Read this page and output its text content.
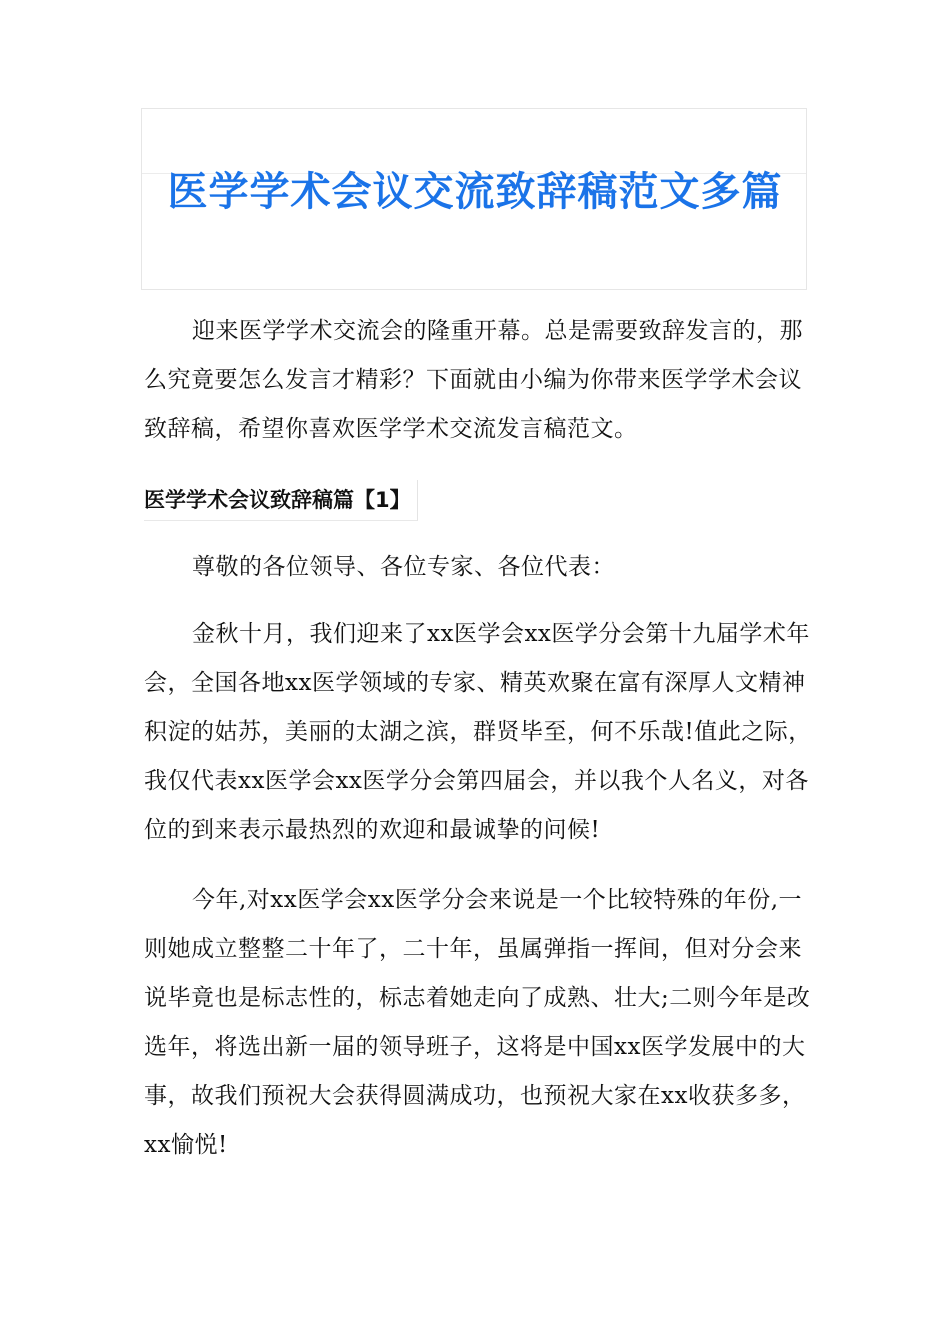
医学学术会议交流致辞稿范文多篇

迎来医学学术交流会的隆重开幕。总是需要致辞发言的，那么究竟要怎么发言才精彩？下面就由小编为你带来医学学术会议致辞稿，希望你喜欢医学学术交流发言稿范文。

医学学术会议致辞稿篇【1】

尊敬的各位领导、各位专家、各位代表：

金秋十月，我们迎来了xx医学会xx医学分会第十九届学术年会，全国各地xx医学领域的专家、精英欢聚在富有深厚人文精神积淀的姑苏，美丽的太湖之滨，群贤毕至，何不乐哉!值此之际，我仅代表xx医学会xx医学分会第四届会，并以我个人名义，对各位的到来表示最热烈的欢迎和最诚挚的问候!

今年,对xx医学会xx医学分会来说是一个比较特殊的年份,一则她成立整整二十年了，二十年，虽属弹指一挥间，但对分会来说毕竟也是标志性的，标志着她走向了成熟、壮大;二则今年是改选年，将选出新一届的领导班子，这将是中国xx医学发展中的大事，故我们预祝大会获得圆满成功，也预祝大家在xx收获多多，xx愉悦!
